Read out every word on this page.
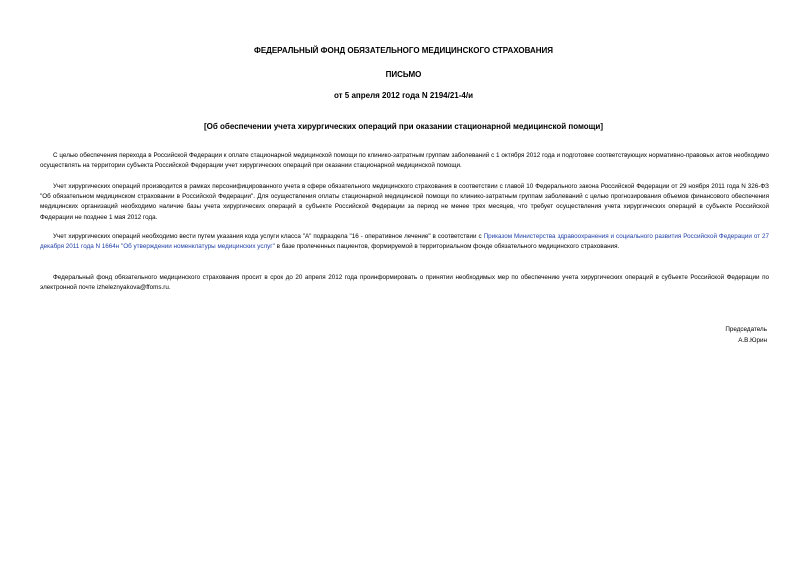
ФЕДЕРАЛЬНЫЙ ФОНД ОБЯЗАТЕЛЬНОГО МЕДИЦИНСКОГО СТРАХОВАНИЯ
ПИСЬМО
от 5 апреля 2012 года N 2194/21-4/и
[Об обеспечении учета хирургических операций при оказании стационарной медицинской помощи]

С целью обеспечения перехода в Российской Федерации к оплате стационарной медицинской помощи по клинико-затратным группам заболеваний с 1 октября 2012 года и подготовке соответствующих нормативно-правовых актов необходимо осуществлять на территории субъекта Российской Федерации учет хирургических операций при оказании стационарной медицинской помощи.

Учет хирургических операций производится в рамках персонифицированного учета в сфере обязательного медицинского страхования в соответствии с главой 10 Федерального закона Российской Федерации от 29 ноября 2011 года N 326-ФЗ "Об обязательном медицинском страховании в Российской Федерации". Для осуществления оплаты стационарной медицинской помощи по клинико-затратным группам заболеваний с целью прогнозирования объемов финансового обеспечения медицинских организаций необходимо наличие базы учета хирургических операций в субъекте Российской Федерации за период не менее трех месяцев, что требует осуществления учета хирургических операций в субъекте Российской Федерации не позднее 1 мая 2012 года.

Учет хирургических операций необходимо вести путем указания кода услуги класса "А" подраздела "16 - оперативное лечение" в соответствии с Приказом Министерства здравоохранения и социального развития Российской Федерации от 27 декабря 2011 года N 1664н "Об утверждении номенклатуры медицинских услуг" в базе пролеченных пациентов, формируемой в территориальном фонде обязательного медицинского страхования.

Федеральный фонд обязательного медицинского страхования просит в срок до 20 апреля 2012 года проинформировать о принятии необходимых мер по обеспечению учета хирургических операций в субъекте Российской Федерации по электронной почте izheleznyakova@ffoms.ru.

Председатель
А.В.Юрин
